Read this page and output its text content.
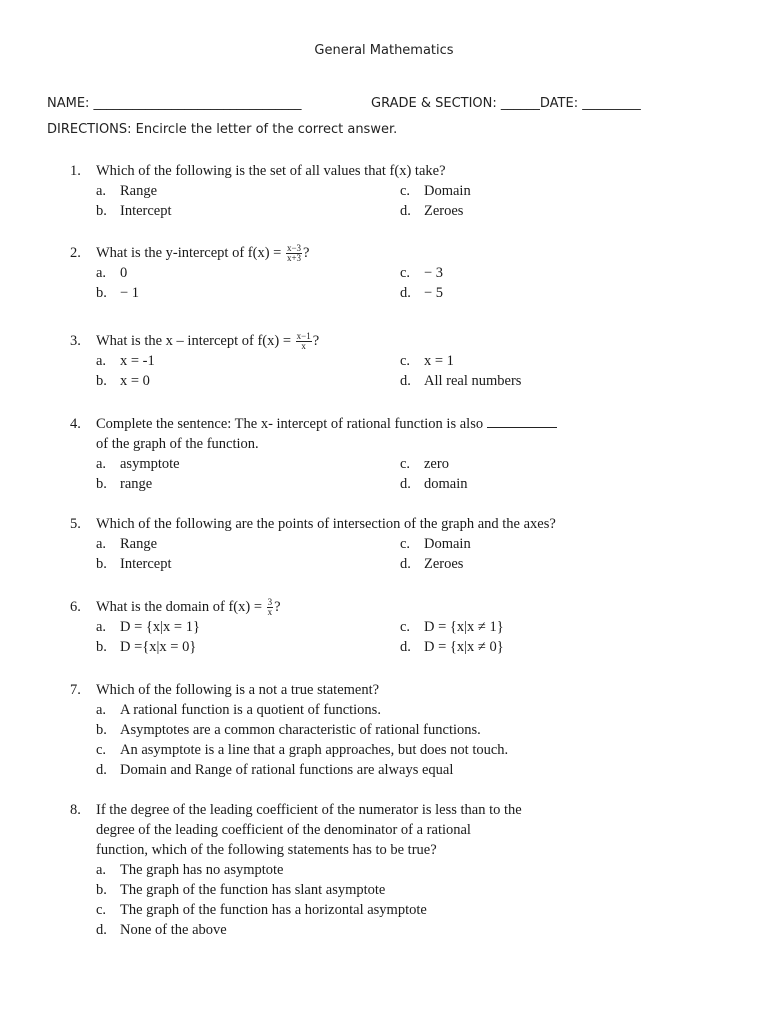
General Mathematics
NAME: ________________________________	GRADE & SECTION: ______DATE: _________
DIRECTIONS: Encircle the letter of the correct answer.
1.	Which of the following is the set of all values that f(x) take?
a. Range	c. Domain
b. Intercept	d. Zeroes
2.	What is the y-intercept of $f(x) = \frac{x-3}{x+3}$ ?
a. 0	c. − 3
b. − 1	d. − 5
3.	What is the x – intercept of $f(x) = \frac{x-1}{x}$ ?
a. x = -1	c. x = 1
b. x = 0	d. All real numbers
4.	Complete the sentence: The x- intercept of rational function is also
of the graph of the function.
a. asymptote	c. zero
b. range	d. domain
5.	Which of the following are the points of intersection of the graph and the axes?
a. Range	c. Domain
b. Intercept	d. Zeroes
6.	What is the domain of $f(x) = \frac{3}{x}$ ?
a. D = {x|x = 1}	c. D = {x|x ≠ 1}
b. D ={x|x = 0}	d. D = {x|x ≠ 0}
7.	Which of the following is a not a true statement?
a. A rational function is a quotient of functions.
b. Asymptotes are a common characteristic of rational functions.
c. An asymptote is a line that a graph approaches, but does not touch.
d. Domain and Range of rational functions are always equal
8.	If the degree of the leading coefficient of the numerator is less than to the
degree of the leading coefficient of the denominator of a rational
function, which of the following statements has to be true?
a. The graph has no asymptote
b. The graph of the function has slant asymptote
c. The graph of the function has a horizontal asymptote
d. None of the above
